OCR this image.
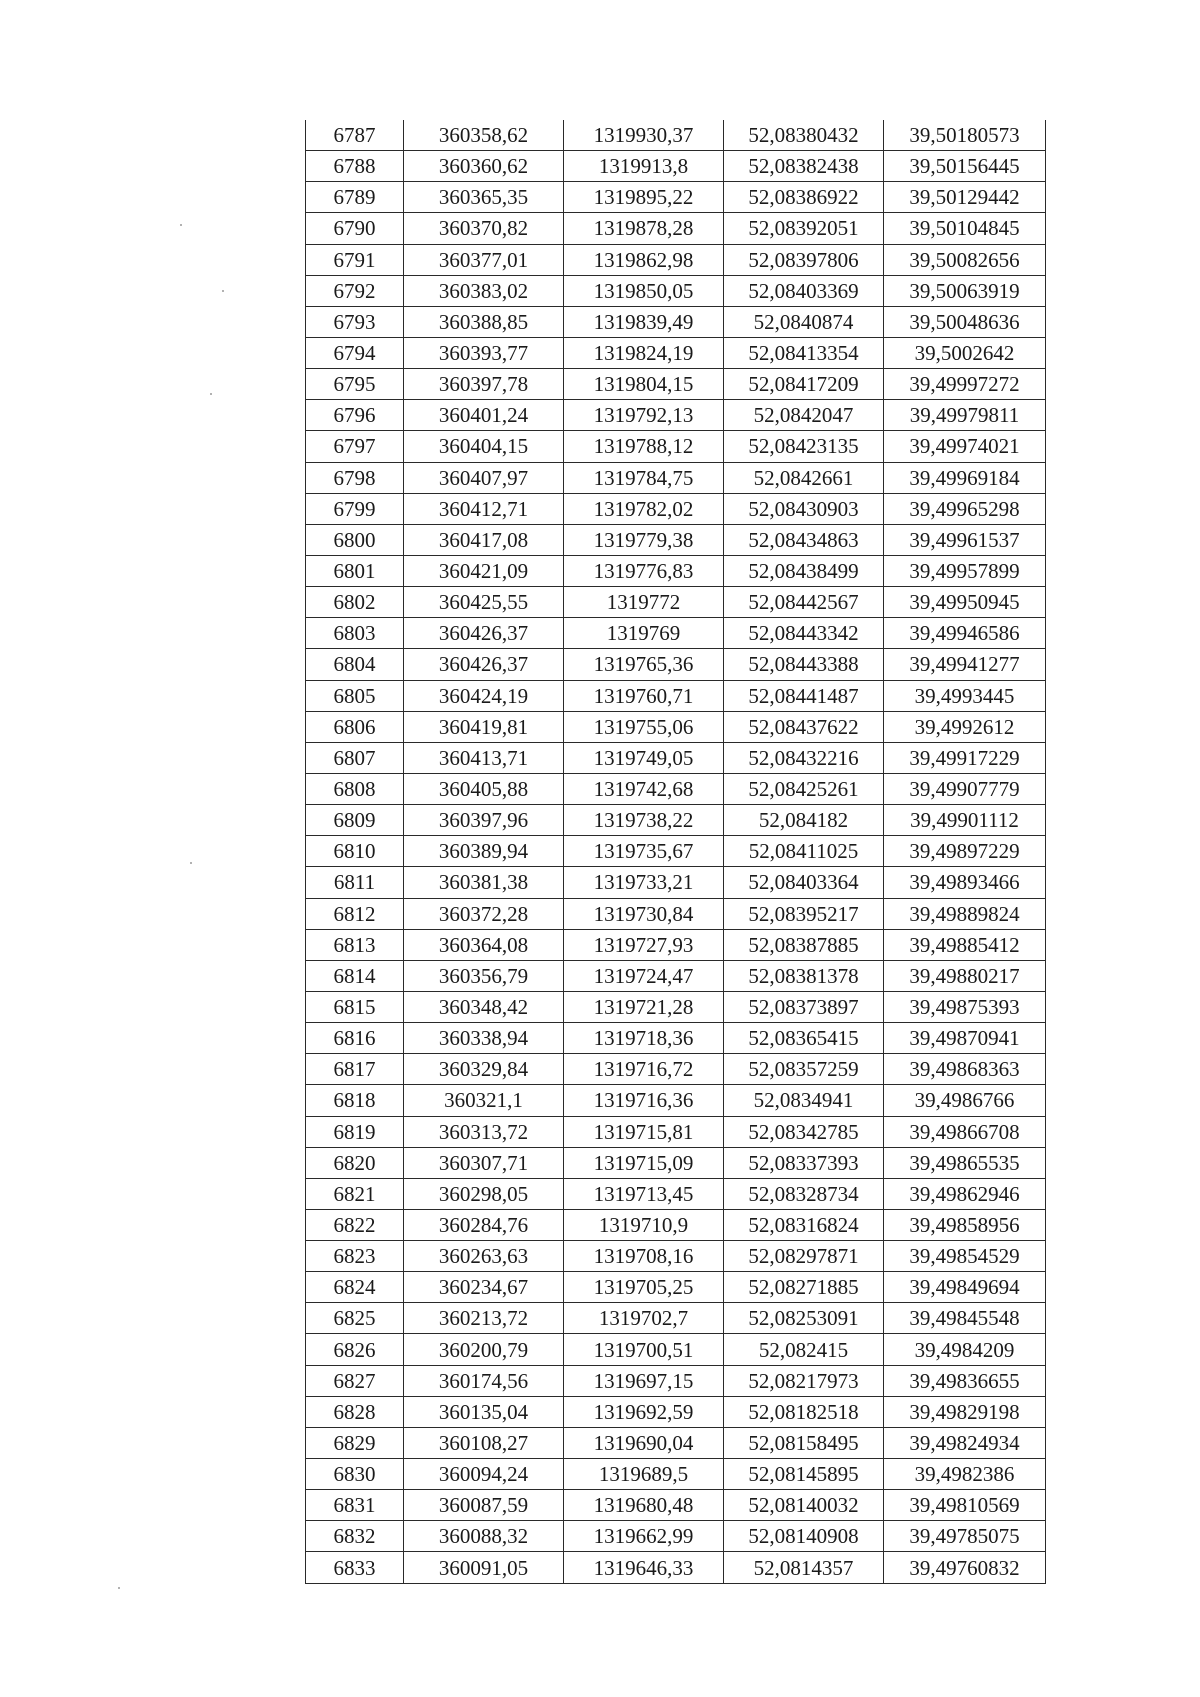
6787	360358,62	1319930,37	52,08380432	39,50180573
6788	360360,62	1319913,8	52,08382438	39,50156445
6789	360365,35	1319895,22	52,08386922	39,50129442
6790	360370,82	1319878,28	52,08392051	39,50104845
6791	360377,01	1319862,98	52,08397806	39,50082656
6792	360383,02	1319850,05	52,08403369	39,50063919
6793	360388,85	1319839,49	52,0840874	39,50048636
6794	360393,77	1319824,19	52,08413354	39,5002642
6795	360397,78	1319804,15	52,08417209	39,49997272
6796	360401,24	1319792,13	52,0842047	39,49979811
6797	360404,15	1319788,12	52,08423135	39,49974021
6798	360407,97	1319784,75	52,0842661	39,49969184
6799	360412,71	1319782,02	52,08430903	39,49965298
6800	360417,08	1319779,38	52,08434863	39,49961537
6801	360421,09	1319776,83	52,08438499	39,49957899
6802	360425,55	1319772	52,08442567	39,49950945
6803	360426,37	1319769	52,08443342	39,49946586
6804	360426,37	1319765,36	52,08443388	39,49941277
6805	360424,19	1319760,71	52,08441487	39,4993445
6806	360419,81	1319755,06	52,08437622	39,4992612
6807	360413,71	1319749,05	52,08432216	39,49917229
6808	360405,88	1319742,68	52,08425261	39,49907779
6809	360397,96	1319738,22	52,084182	39,49901112
6810	360389,94	1319735,67	52,08411025	39,49897229
6811	360381,38	1319733,21	52,08403364	39,49893466
6812	360372,28	1319730,84	52,08395217	39,49889824
6813	360364,08	1319727,93	52,08387885	39,49885412
6814	360356,79	1319724,47	52,08381378	39,49880217
6815	360348,42	1319721,28	52,08373897	39,49875393
6816	360338,94	1319718,36	52,08365415	39,49870941
6817	360329,84	1319716,72	52,08357259	39,49868363
6818	360321,1	1319716,36	52,0834941	39,4986766
6819	360313,72	1319715,81	52,08342785	39,49866708
6820	360307,71	1319715,09	52,08337393	39,49865535
6821	360298,05	1319713,45	52,08328734	39,49862946
6822	360284,76	1319710,9	52,08316824	39,49858956
6823	360263,63	1319708,16	52,08297871	39,49854529
6824	360234,67	1319705,25	52,08271885	39,49849694
6825	360213,72	1319702,7	52,08253091	39,49845548
6826	360200,79	1319700,51	52,082415	39,4984209
6827	360174,56	1319697,15	52,08217973	39,49836655
6828	360135,04	1319692,59	52,08182518	39,49829198
6829	360108,27	1319690,04	52,08158495	39,49824934
6830	360094,24	1319689,5	52,08145895	39,4982386
6831	360087,59	1319680,48	52,08140032	39,49810569
6832	360088,32	1319662,99	52,08140908	39,49785075
6833	360091,05	1319646,33	52,0814357	39,49760832
